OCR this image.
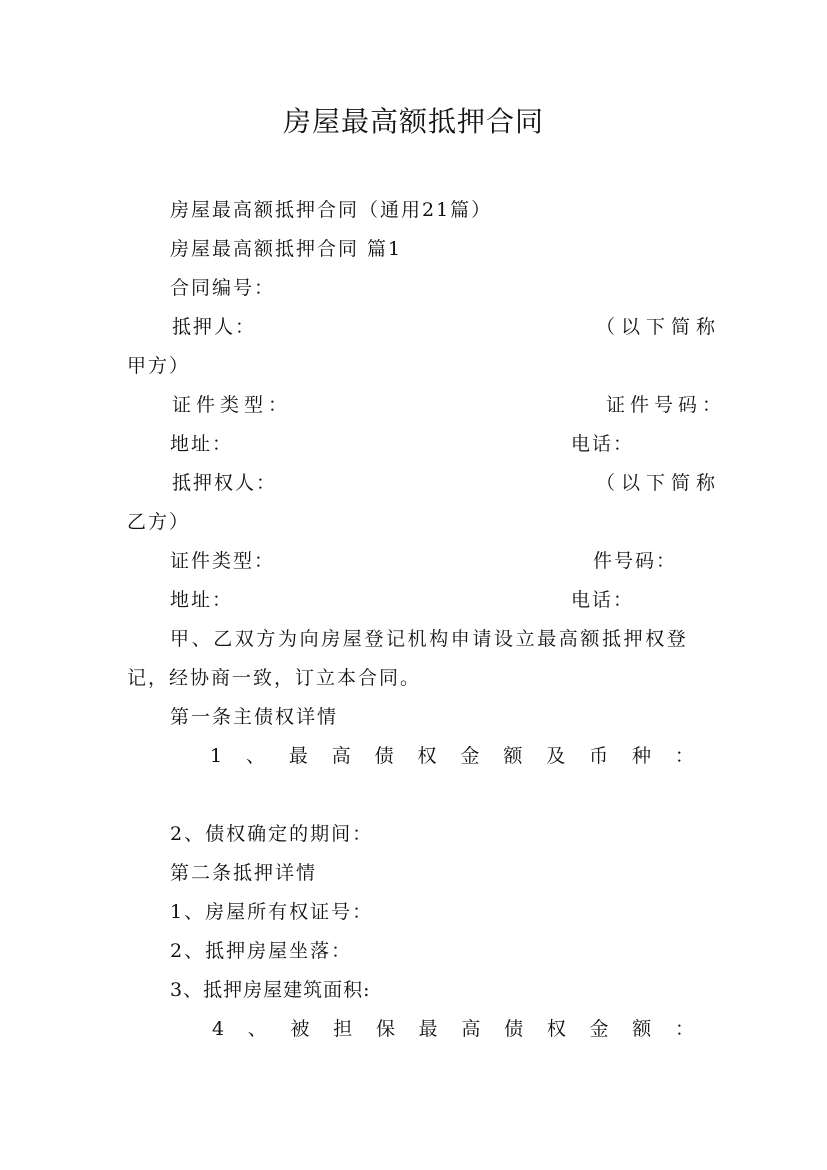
房屋最高额抵押合同
房屋最高额抵押合同（通用21篇）
房屋最高额抵押合同 篇1
合同编号：
抵押人：	（以下简称
甲方）
证件类型：	证件号码：
地址：	电话：
抵押权人：	（以下简称
乙方）
证件类型：	件号码：
地址：	电话：
甲、乙双方为向房屋登记机构申请设立最高额抵押权登
记，经协商一致，订立本合同。
第一条主债权详情
1 、 最 高 债 权 金 额 及 币 种 ：
2、债权确定的期间：
第二条抵押详情
1、房屋所有权证号：
2、抵押房屋坐落：
3、抵押房屋建筑面积:
4 、 被 担 保 最 高 债 权 金 额 ：
